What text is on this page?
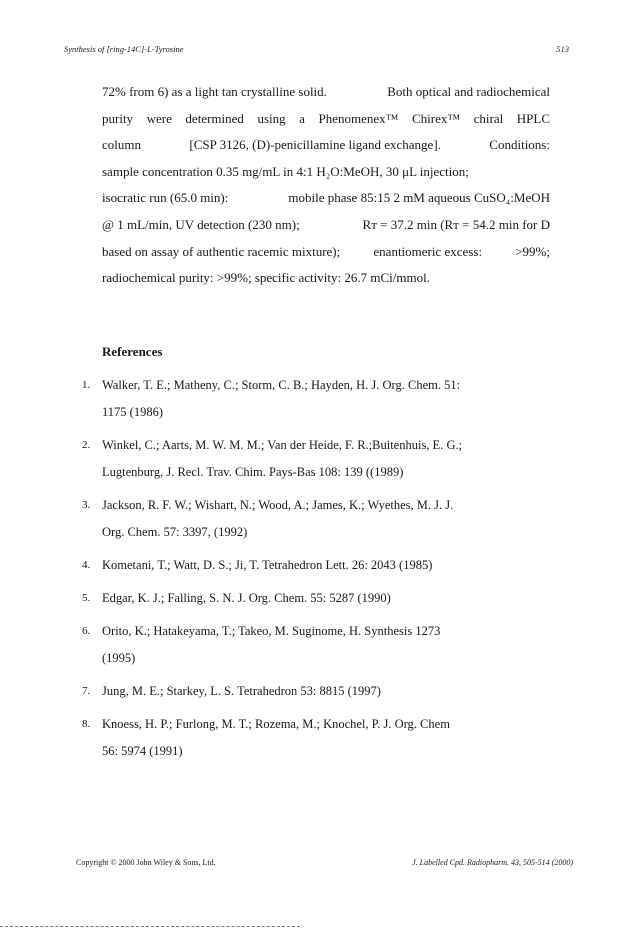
Synthesis of [ring-14C]-L-Tyrosine	513
72% from 6) as a light tan crystalline solid.	Both optical and radiochemical
purity were determined using a Phenomenex™ Chirex™ chiral HPLC
column	[CSP 3126, (D)-penicillamine ligand exchange].	Conditions:
sample concentration 0.35 mg/mL in 4:1 H₂O:MeOH, 30 μL injection;
isocratic run (65.0 min):	mobile phase 85:15 2 mM aqueous CuSO₄:MeOH
@ 1 mL/min, UV detection (230 nm);	Rᴛ = 37.2 min (Rᴛ = 54.2 min for D
based on assay of authentic racemic mixture);	enantiomeric excess:	>99%;
radiochemical purity: >99%; specific activity: 26.7 mCi/mmol.
References
1. Walker, T. E.; Matheny, C.; Storm, C. B.; Hayden, H. J. Org. Chem. 51:
1175 (1986)
2. Winkel, C.; Aarts, M. W. M. M.; Van der Heide, F. R.;Buitenhuis, E. G.;
Lugtenburg, J. Recl. Trav. Chim. Pays-Bas 108: 139 ((1989)
3. Jackson, R. F. W.; Wishart, N.; Wood, A.; James, K.; Wyethes, M. J. J.
Org. Chem. 57: 3397, (1992)
4. Kometani, T.; Watt, D. S.; Ji, T. Tetrahedron Lett. 26: 2043 (1985)
5. Edgar, K. J.; Falling, S. N. J. Org. Chem. 55: 5287 (1990)
6. Orito, K.; Hatakeyama, T.; Takeo, M. Suginome, H. Synthesis 1273
(1995)
7. Jung, M. E.; Starkey, L. S. Tetrahedron 53: 8815 (1997)
8. Knoess, H. P.; Furlong, M. T.; Rozema, M.; Knochel, P. J. Org. Chem
56: 5974 (1991)
Copyright © 2000 John Wiley & Sons, Ltd.	J. Labelled Cpd. Radiopharm. 43, 505-514 (2000)
